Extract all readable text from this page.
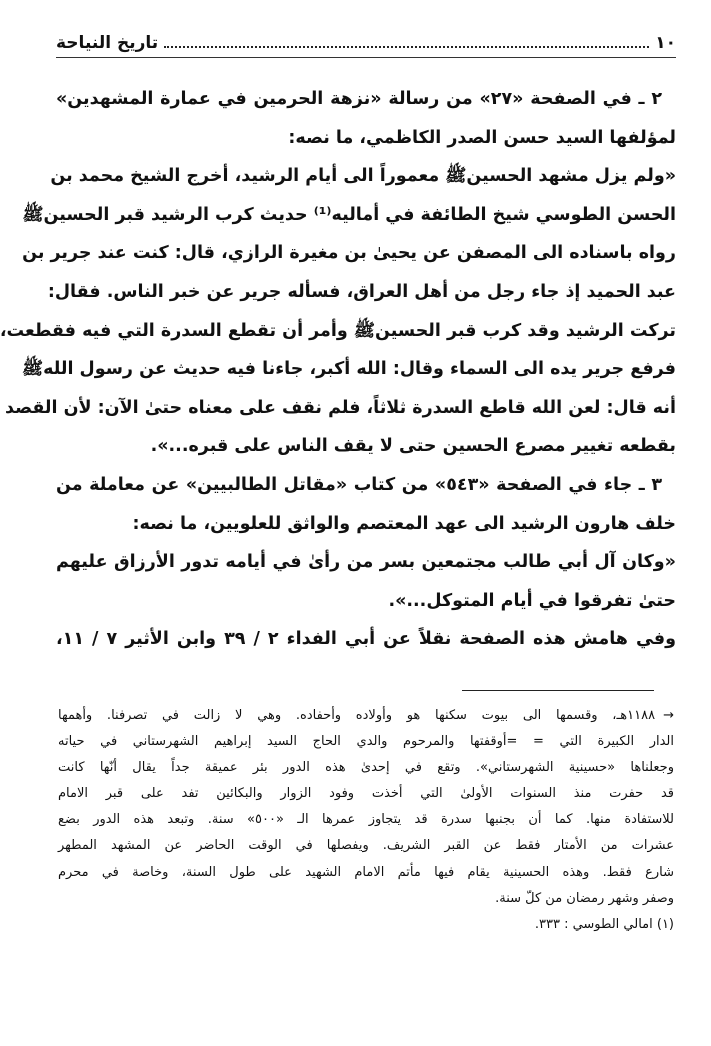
١٠
تاريخ النياحة
٢ ـ في الصفحة «٢٧» من رسالة «نزهة الحرمين في عمارة المشهدين»
لمؤلفها السيد حسن الصدر الكاظمي، ما نصه:
«ولم يزل مشهد الحسينﷺ معموراً الى أيام الرشيد، أخرج الشيخ محمد بن
الحسن الطوسي شيخ الطائفة في أماليه⁽¹⁾ حديث كرب الرشيد قبر الحسينﷺ
رواه باسناده الى المصفن عن يحيىٰ بن مغيرة الرازي، قال: كنت عند جرير بن
عبد الحميد إذ جاء رجل من أهل العراق، فسأله جرير عن خبر الناس. فقال:
تركت الرشيد وقد كرب قبر الحسينﷺ وأمر أن تقطع السدرة التي فيه فقطعت،
فرفع جرير يده الى السماء وقال: الله أكبر، جاءنا فيه حديث عن رسول اللهﷺ
أنه قال: لعن الله قاطع السدرة ثلاثاً، فلم نقف على معناه حتىٰ الآن: لأن القصد
بقطعه تغيير مصرع الحسين حتى لا يقف الناس على قبره...».
٣ ـ جاء في الصفحة «٥٤٣» من كتاب «مقاتل الطالبيين» عن معاملة من
خلف هارون الرشيد الى عهد المعتصم والواثق للعلويين، ما نصه:
«وكان آل أبي طالب مجتمعين بسر من رأىٰ في أيامه تدور الأرزاق عليهم
حتىٰ تفرقوا في أيام المتوكل...».
وفي هامش هذه الصفحة نقلاً عن أبي الفداء ٢ / ٣٩ وابن الأثير ٧ / ١١،
→١١٨٨هـ، وقسمها الى بيوت سكنها هو وأولاده وأحفاده. وهي لا زالت في تصرفنا. وأهمها
الدار الكبيرة التي = =أوقفتها والمرحوم والدي الحاج السيد إبراهيم الشهرستاني في حياته
وجعلناها «حسينية الشهرستاني». وتقع في إحدىٰ هذه الدور بئر عميقة جداً يقال أنّها كانت
قد حفرت منذ السنوات الأولىٰ التي أخذت وفود الزوار والبكائين تفد على قبر الامام
للاستفادة منها. كما أن بجنبها سدرة قد يتجاوز عمرها الـ «٥٠٠» سنة. وتبعد هذه الدور بضع
عشرات من الأمتار فقط عن القبر الشريف. ويفصلها في الوقت الحاضر عن المشهد المطهر
شارع فقط. وهذه الحسينية يقام فيها مأتم الامام الشهيد على طول السنة، وخاصة في محرم
وصفر وشهر رمضان من كلّ سنة.
(١) امالي الطوسي : ٣٣٣.
